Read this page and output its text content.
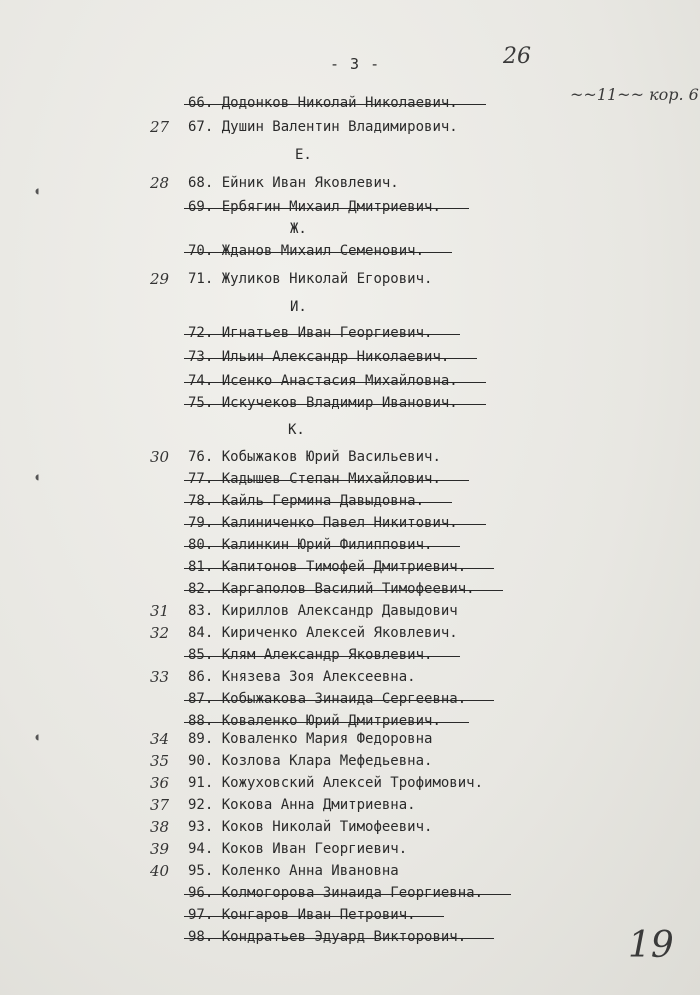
- 3 -	26
~~11~~ кор. 6
19
◖
◖
◖
Е.
Ж.
И.
К.
66. Додонков Николай Николаевич.
27	67. Душин Валентин Владимирович.
28	68. Ейник Иван Яковлевич.
69. Ербягин Михаил Дмитриевич.
70. Жданов Михаил Семенович.
29	71. Жуликов Николай Егорович.
72. Игнатьев Иван Георгиевич.
73. Ильин Александр Николаевич.
74. Исенко Анастасия Михайловна.
75. Искучеков Владимир Иванович.
30	76. Кобыжаков Юрий Васильевич.
77. Кадышев Степан Михайлович.
78. Кайль Гермина Давыдовна.
79. Калиниченко Павел Никитович.
80. Калинкин Юрий Филиппович.
81. Капитонов Тимофей Дмитриевич.
82. Каргаполов Василий Тимофеевич.
31	83. Кириллов Александр Давыдович
32	84. Кириченко Алексей Яковлевич.
85. Клям Александр Яковлевич.
33	86. Князева Зоя Алексеевна.
87. Кобыжакова Зинаида Сергеевна.
88. Коваленко Юрий Дмитриевич.
34	89. Коваленко Мария Федоровна
35	90. Козлова Клара Мефедьевна.
36	91. Кожуховский Алексей Трофимович.
37	92. Кокова Анна Дмитриевна.
38	93. Коков Николай Тимофеевич.
39	94. Коков Иван Георгиевич.
40	95. Коленко Анна Ивановна
96. Колмогорова Зинаида Георгиевна.
97. Конгаров Иван Петрович.
98. Кондратьев Эдуард Викторович.
